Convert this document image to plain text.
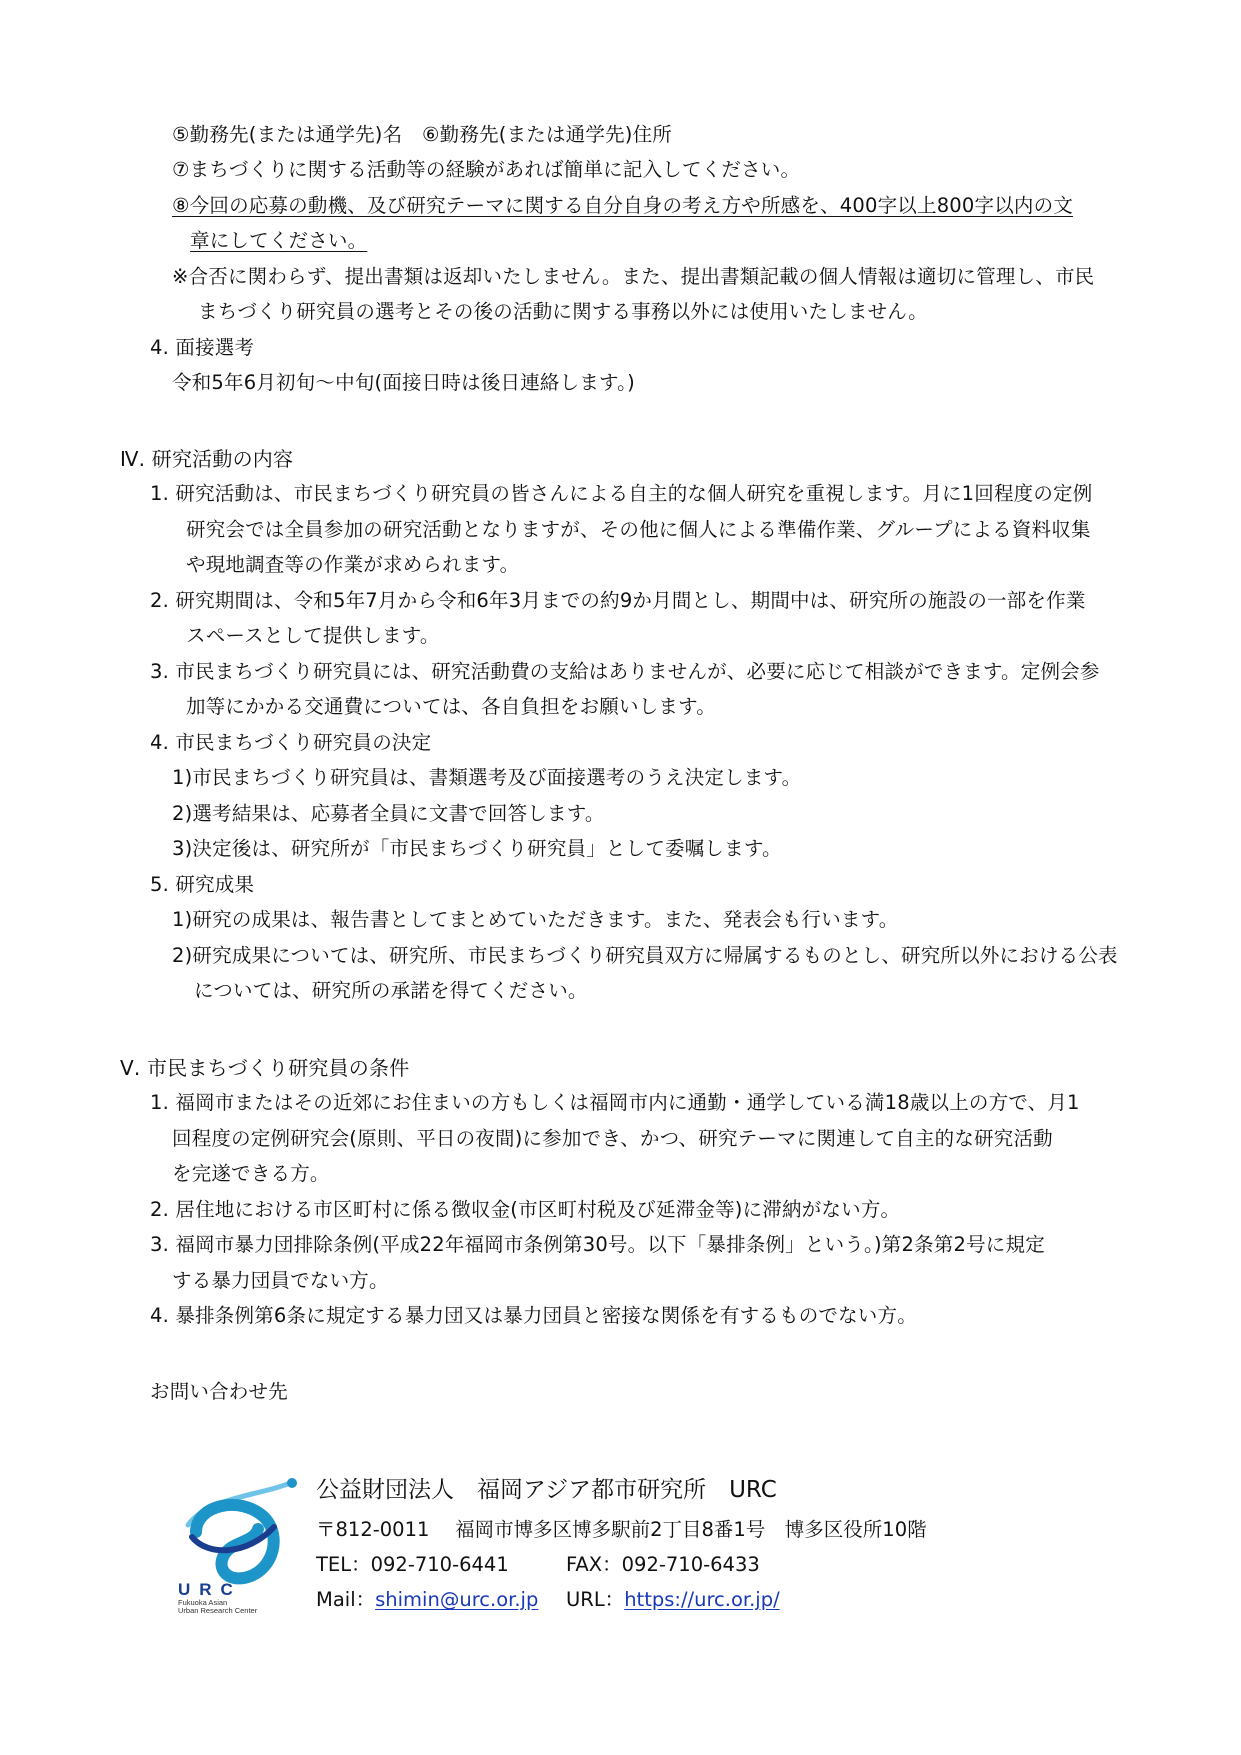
⑤勤務先(または通学先)名　⑥勤務先(または通学先)住所
⑦まちづくりに関する活動等の経験があれば簡単に記入してください。
⑧今回の応募の動機、及び研究テーマに関する自分自身の考え方や所感を、400字以上800字以内の文
章にしてください。
※合否に関わらず、提出書類は返却いたしません。また、提出書類記載の個人情報は適切に管理し、市民
まちづくり研究員の選考とその後の活動に関する事務以外には使用いたしません。
4. 面接選考
令和5年6月初旬～中旬(面接日時は後日連絡します。)
Ⅳ. 研究活動の内容
1. 研究活動は、市民まちづくり研究員の皆さんによる自主的な個人研究を重視します。月に1回程度の定例
研究会では全員参加の研究活動となりますが、その他に個人による準備作業、グループによる資料収集
や現地調査等の作業が求められます。
2. 研究期間は、令和5年7月から令和6年3月までの約9か月間とし、期間中は、研究所の施設の一部を作業
スペースとして提供します。
3. 市民まちづくり研究員には、研究活動費の支給はありませんが、必要に応じて相談ができます。定例会参
加等にかかる交通費については、各自負担をお願いします。
4. 市民まちづくり研究員の決定
1)市民まちづくり研究員は、書類選考及び面接選考のうえ決定します。
2)選考結果は、応募者全員に文書で回答します。
3)決定後は、研究所が「市民まちづくり研究員」として委嘱します。
5. 研究成果
1)研究の成果は、報告書としてまとめていただきます。また、発表会も行います。
2)研究成果については、研究所、市民まちづくり研究員双方に帰属するものとし、研究所以外における公表
については、研究所の承諾を得てください。
Ⅴ. 市民まちづくり研究員の条件
1. 福岡市またはその近郊にお住まいの方もしくは福岡市内に通勤・通学している満18歳以上の方で、月1
回程度の定例研究会(原則、平日の夜間)に参加でき、かつ、研究テーマに関連して自主的な研究活動
を完遂できる方。
2. 居住地における市区町村に係る徴収金(市区町村税及び延滞金等)に滞納がない方。
3. 福岡市暴力団排除条例(平成22年福岡市条例第30号。以下「暴排条例」という。)第2条第2号に規定
する暴力団員でない方。
4. 暴排条例第6条に規定する暴力団又は暴力団員と密接な関係を有するものでない方。
お問い合わせ先
URC
Fukuoka Asian
Urban Research Center
公益財団法人　福岡アジア都市研究所　URC
〒812-0011　 福岡市博多区博多駅前2丁目8番1号　博多区役所10階
TEL：092-710-6441	FAX：092-710-6433
Mail：shimin@urc.or.jp URL：https://urc.or.jp/
